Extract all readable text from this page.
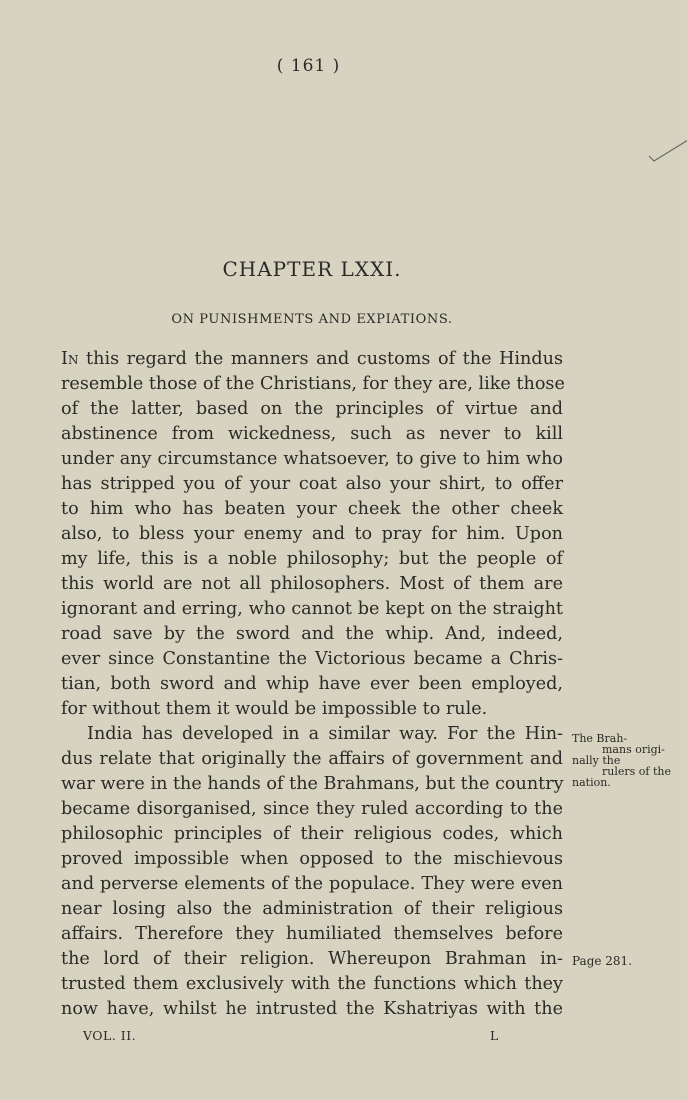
( 161 )
CHAPTER LXXI.
ON PUNISHMENTS AND EXPIATIONS.
In this regard the manners and customs of the Hindus
resemble those of the Christians, for they are, like those
of the latter, based on the principles of virtue and
abstinence from wickedness, such as never to kill
under any circumstance whatsoever, to give to him who
has stripped you of your coat also your shirt, to offer
to him who has beaten your cheek the other cheek
also, to bless your enemy and to pray for him. Upon
my life, this is a noble philosophy; but the people of
this world are not all philosophers. Most of them are
ignorant and erring, who cannot be kept on the straight
road save by the sword and the whip. And, indeed,
ever since Constantine the Victorious became a Chris-
tian, both sword and whip have ever been employed,
for without them it would be impossible to rule.
India has developed in a similar way. For the Hin-
dus relate that originally the affairs of government and
war were in the hands of the Brahmans, but the country
became disorganised, since they ruled according to the
philosophic principles of their religious codes, which
proved impossible when opposed to the mischievous
and perverse elements of the populace. They were even
near losing also the administration of their religious
affairs. Therefore they humiliated themselves before
the lord of their religion. Whereupon Brahman in-
trusted them exclusively with the functions which they
now have, whilst he intrusted the Kshatriyas with the
The Brah-
mans origi-
nally the
rulers of the
nation.
Page 281.
VOL. II.	L
